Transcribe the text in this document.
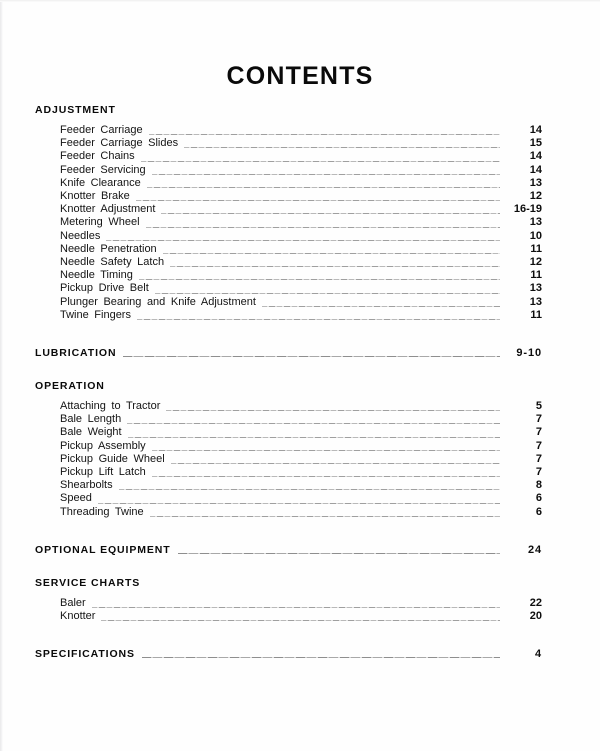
CONTENTS
ADJUSTMENT
Feeder Carriage	14
Feeder Carriage Slides	15
Feeder Chains	14
Feeder Servicing	14
Knife Clearance	13
Knotter Brake	12
Knotter Adjustment	16-19
Metering Wheel	13
Needles	10
Needle Penetration	11
Needle Safety Latch	12
Needle Timing	11
Pickup Drive Belt	13
Plunger Bearing and Knife Adjustment	13
Twine Fingers	11
LUBRICATION	9-10
OPERATION
Attaching to Tractor	5
Bale Length	7
Bale Weight	7
Pickup Assembly	7
Pickup Guide Wheel	7
Pickup Lift Latch	7
Shearbolts	8
Speed	6
Threading Twine	6
OPTIONAL EQUIPMENT	24
SERVICE CHARTS
Baler	22
Knotter	20
SPECIFICATIONS	4
